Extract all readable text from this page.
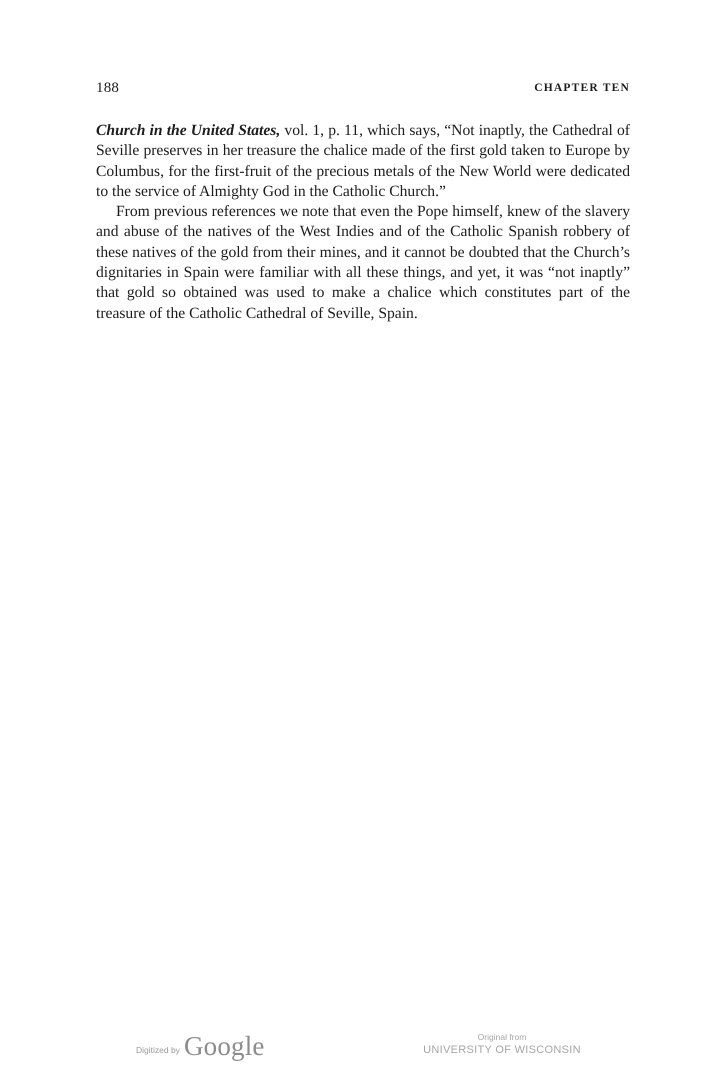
188	CHAPTER TEN

Church in the United States, vol. 1, p. 11, which says, “Not inaptly, the Cathedral of Seville preserves in her treasure the chalice made of the first gold taken to Europe by Columbus, for the first-fruit of the precious metals of the New World were dedicated to the service of Almighty God in the Catholic Church.”

From previous references we note that even the Pope himself, knew of the slavery and abuse of the natives of the West Indies and of the Catholic Spanish robbery of these natives of the gold from their mines, and it cannot be doubted that the Church’s dignitaries in Spain were familiar with all these things, and yet, it was “not inaptly” that gold so obtained was used to make a chalice which constitutes part of the treasure of the Catholic Cathedral of Seville, Spain.

Digitized by Google	Original from
UNIVERSITY OF WISCONSIN
